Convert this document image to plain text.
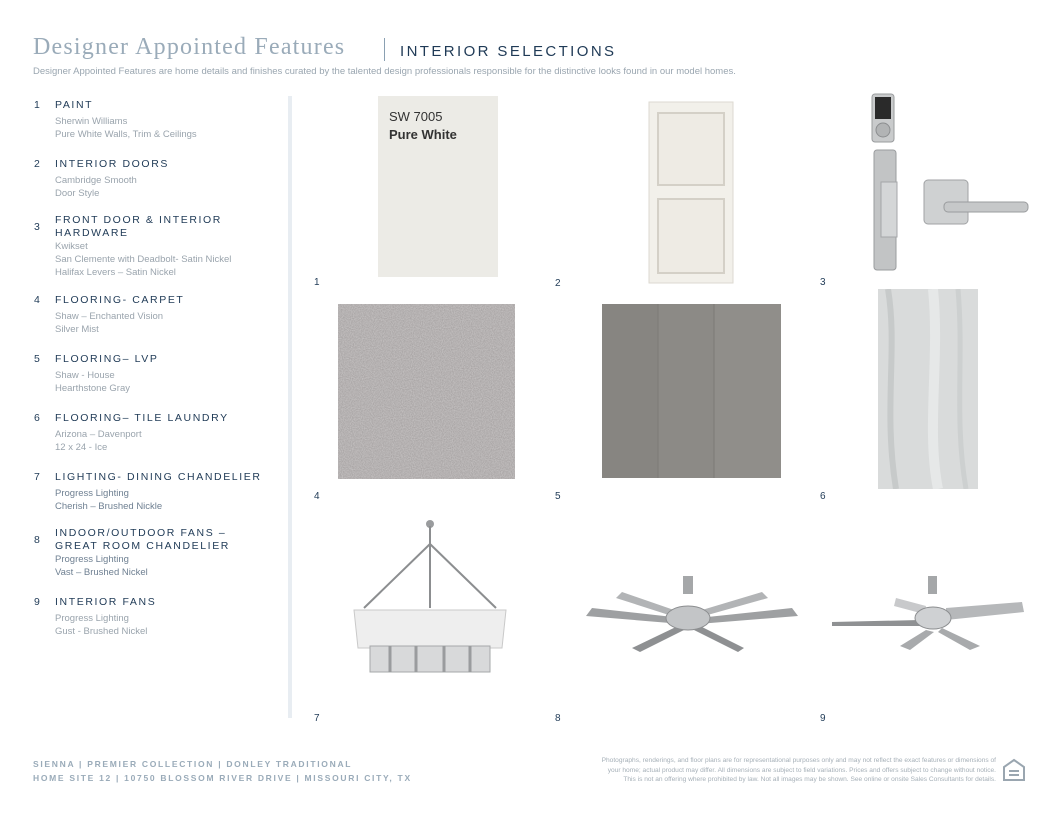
Designer Appointed Features	INTERIOR SELECTIONS
Designer Appointed Features are home details and finishes curated by the talented design professionals responsible for the distinctive looks found in our model homes.
1 PAINT
Sherwin Williams
Pure White Walls, Trim & Ceilings
2 INTERIOR DOORS
Cambridge Smooth
Door Style
3
FRONT DOOR & INTERIOR HARDWARE
Kwikset
San Clemente with Deadbolt- Satin Nickel
Halifax Levers – Satin Nickel
4 FLOORING- CARPET
Shaw – Enchanted Vision
Silver Mist
5 FLOORING– LVP
Shaw - House
Hearthstone Gray
6 FLOORING– TILE LAUNDRY
Arizona – Davenport
12 x 24 - Ice
7 LIGHTING- DINING CHANDELIER
Progress Lighting
Cherish – Brushed Nickle
8
INDOOR/OUTDOOR FANS – GREAT ROOM CHANDELIER
Progress Lighting
Vast – Brushed Nickel
9 INTERIOR FANS
Progress Lighting
Gust - Brushed Nickel
SW 7005
Pure White
1	2	3
4	5	6
7	8	9
SIENNA | PREMIER COLLECTION | DONLEY TRADITIONAL
HOME SITE 12 | 10750 BLOSSOM RIVER DRIVE | MISSOURI CITY, TX
Photographs, renderings, and floor plans are for representational purposes only and may not reflect the exact features or dimensions of
your home; actual product may differ. All dimensions are subject to field variations. Prices and offers subject to change without notice.
This is not an offering where prohibited by law. Not all images may be shown. See online or onsite Sales Consultants for details.
